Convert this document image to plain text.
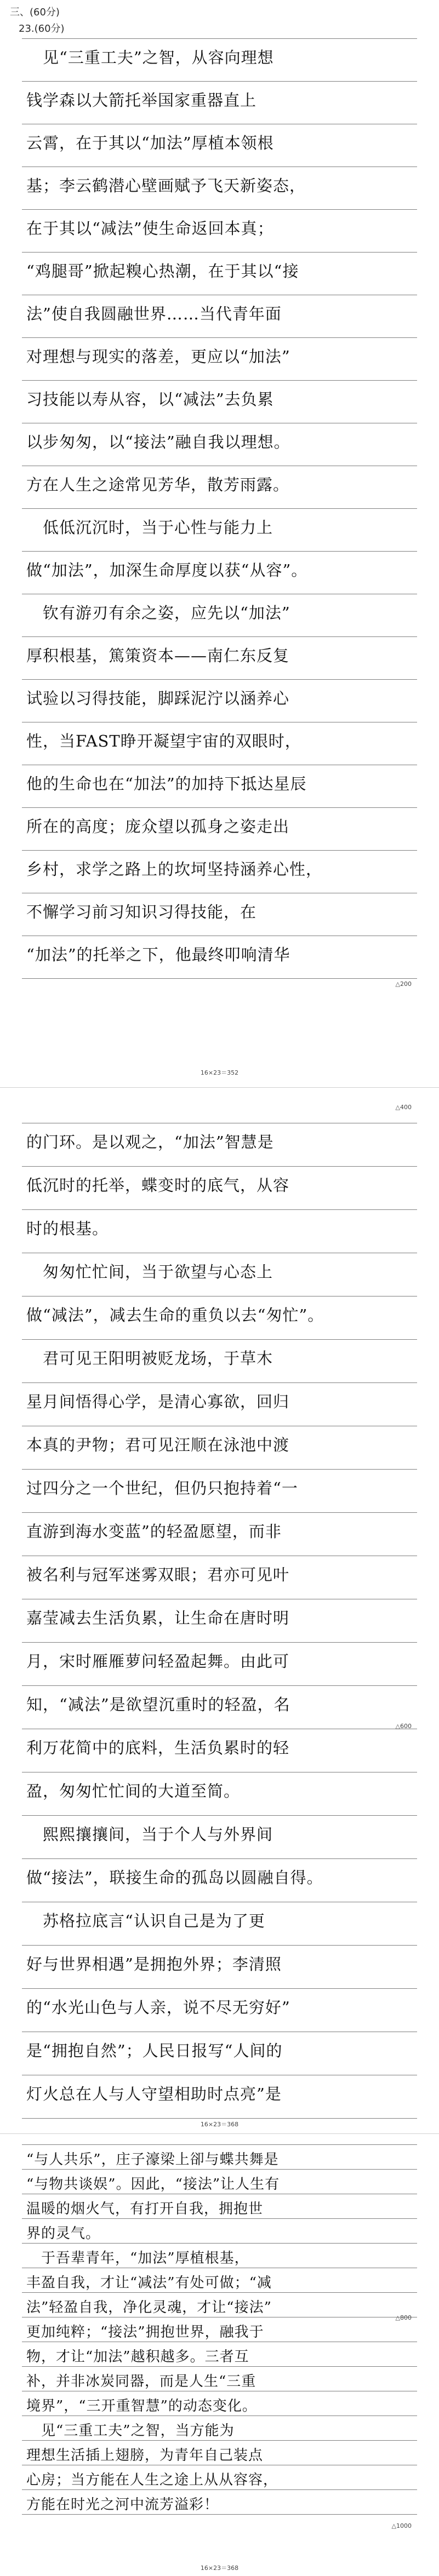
三、(60分)
23.(60分)
　见“三重工夫”之智，从容向理想
钱学森以大箭托举国家重器直上
云霄，在于其以“加法”厚植本领根
基；李云鹤潜心壁画赋予飞天新姿态，
在于其以“减法”使生命返回本真；
“鸡腿哥”掀起糗心热潮，在于其以“接
法”使自我圆融世界……当代青年面
对理想与现实的落差，更应以“加法”
习技能以寿从容，以“减法”去负累
以步匆匆，以“接法”融自我以理想。
方在人生之途常见芳华，散芳雨露。
　低低沉沉时，当于心性与能力上
做“加法”，加深生命厚度以获“从容”。
　钦有游刃有余之姿，应先以“加法”
厚积根基，篤策资本——南仁东反复
试验以习得技能，脚踩泥泞以涵养心
性，当FAST睁开凝望宇宙的双眼时，
他的生命也在“加法”的加持下抵达星辰
所在的高度；庞众望以孤身之姿走出
乡村，求学之路上的坎坷坚持涵养心性，
不懈学习前习知识习得技能，在
“加法”的托举之下，他最终叩响清华
△200
16×23＝352
的门环。是以观之，“加法”智慧是
低沉时的托举，蝶变时的底气，从容
时的根基。
　匆匆忙忙间，当于欲望与心态上
做“减法”，减去生命的重负以去“匆忙”。
　君可见王阳明被贬龙场，于草木
星月间悟得心学，是清心寡欲，回归
本真的尹物；君可见汪顺在泳池中渡
过四分之一个世纪，但仍只抱持着“一
直游到海水变蓝”的轻盈愿望，而非
被名利与冠军迷雾双眼；君亦可见叶
嘉莹减去生活负累，让生命在唐时明
月，宋时雁雁萝问轻盈起舞。由此可
知，“减法”是欲望沉重时的轻盈，名
利万花简中的底料，生活负累时的轻
盈，匆匆忙忙间的大道至简。
　熙熙攘攘间，当于个人与外界间
做“接法”，联接生命的孤岛以圆融自得。
　苏格拉底言“认识自己是为了更
好与世界相遇”是拥抱外界；李清照
的“水光山色与人亲，说不尽无穷好”
是“拥抱自然”；人民日报写“人间的
灯火总在人与人守望相助时点亮”是
△400
△600
16×23＝368
“与人共乐”，庄子濠梁上卻与蝶共舞是
“与物共谈娱”。因此，“接法”让人生有
温暖的烟火气，有打开自我，拥抱世
界的灵气。
　于吾辈青年，“加法”厚植根基，
丰盈自我，才让“减法”有处可做；“减
法”轻盈自我，净化灵魂，才让“接法”
更加纯粹；“接法”拥抱世界，融我于
物，才让“加法”越积越多。三者互
补，并非冰炭同器，而是人生“三重
境界”，“三开重智慧”的动态变化。
　见“三重工夫”之智，当方能为
理想生活插上翅膀，为青年自己装点
心房；当方能在人生之途上从从容容，
方能在时光之河中流芳溢彩！
△800
△1000
16×23＝368
